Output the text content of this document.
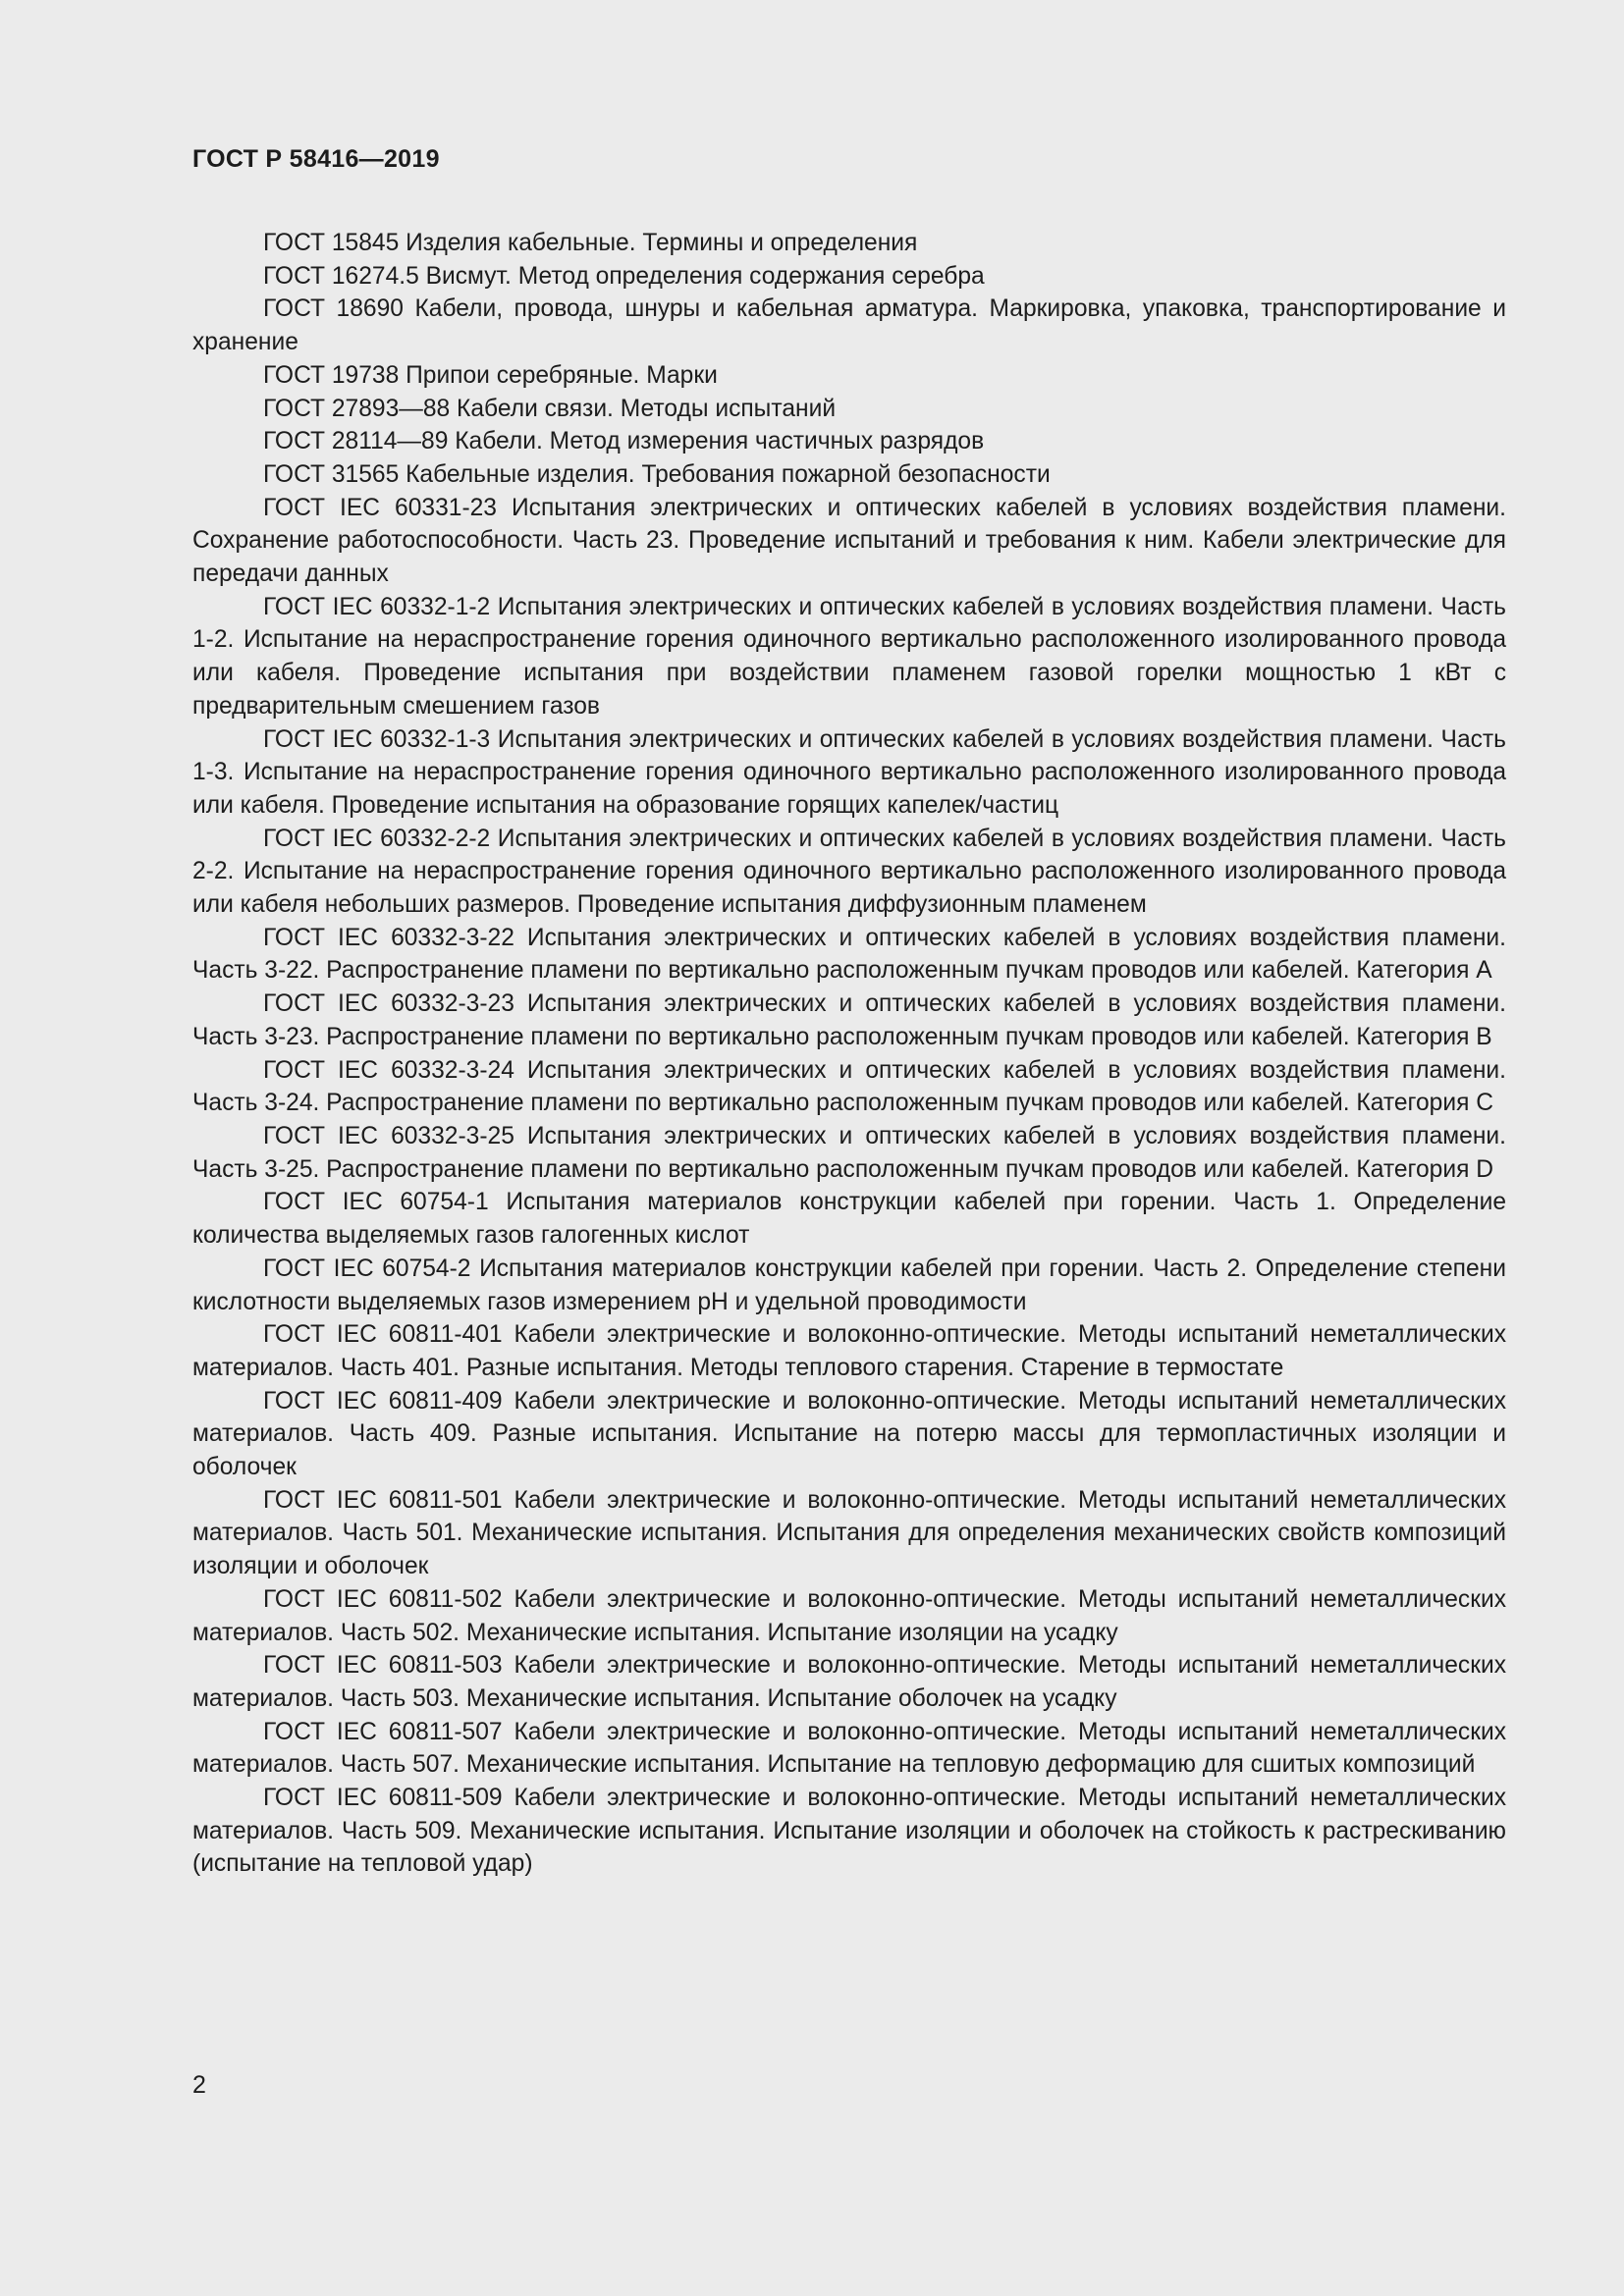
ГОСТ Р 58416—2019

ГОСТ 15845 Изделия кабельные. Термины и определения

ГОСТ 16274.5 Висмут. Метод определения содержания серебра

ГОСТ 18690 Кабели, провода, шнуры и кабельная арматура. Маркировка, упаковка, транспортирование и хранение

ГОСТ 19738 Припои серебряные. Марки

ГОСТ 27893—88 Кабели связи. Методы испытаний

ГОСТ 28114—89 Кабели. Метод измерения частичных разрядов

ГОСТ 31565 Кабельные изделия. Требования пожарной безопасности

ГОСТ IEC 60331-23 Испытания электрических и оптических кабелей в условиях воздействия пламени. Сохранение работоспособности. Часть 23. Проведение испытаний и требования к ним. Кабели электрические для передачи данных

ГОСТ IEC 60332-1-2 Испытания электрических и оптических кабелей в условиях воздействия пламени. Часть 1-2. Испытание на нераспространение горения одиночного вертикально расположенного изолированного провода или кабеля. Проведение испытания при воздействии пламенем газовой горелки мощностью 1 кВт с предварительным смешением газов

ГОСТ IEC 60332-1-3 Испытания электрических и оптических кабелей в условиях воздействия пламени. Часть 1-3. Испытание на нераспространение горения одиночного вертикально расположенного изолированного провода или кабеля. Проведение испытания на образование горящих капелек/частиц

ГОСТ IEC 60332-2-2 Испытания электрических и оптических кабелей в условиях воздействия пламени. Часть 2-2. Испытание на нераспространение горения одиночного вертикально расположенного изолированного провода или кабеля небольших размеров. Проведение испытания диффузионным пламенем

ГОСТ IEC 60332-3-22 Испытания электрических и оптических кабелей в условиях воздействия пламени. Часть 3-22. Распространение пламени по вертикально расположенным пучкам проводов или кабелей. Категория A

ГОСТ IEC 60332-3-23 Испытания электрических и оптических кабелей в условиях воздействия пламени. Часть 3-23. Распространение пламени по вертикально расположенным пучкам проводов или кабелей. Категория B

ГОСТ IEC 60332-3-24 Испытания электрических и оптических кабелей в условиях воздействия пламени. Часть 3-24. Распространение пламени по вертикально расположенным пучкам проводов или кабелей. Категория C

ГОСТ IEC 60332-3-25 Испытания электрических и оптических кабелей в условиях воздействия пламени. Часть 3-25. Распространение пламени по вертикально расположенным пучкам проводов или кабелей. Категория D

ГОСТ IEC 60754-1 Испытания материалов конструкции кабелей при горении. Часть 1. Определение количества выделяемых газов галогенных кислот

ГОСТ IEC 60754-2 Испытания материалов конструкции кабелей при горении. Часть 2. Определение степени кислотности выделяемых газов измерением pH и удельной проводимости

ГОСТ IEC 60811-401 Кабели электрические и волоконно-оптические. Методы испытаний неметаллических материалов. Часть 401. Разные испытания. Методы теплового старения. Старение в термостате

ГОСТ IEC 60811-409 Кабели электрические и волоконно-оптические. Методы испытаний неметаллических материалов. Часть 409. Разные испытания. Испытание на потерю массы для термопластичных изоляции и оболочек

ГОСТ IEC 60811-501 Кабели электрические и волоконно-оптические. Методы испытаний неметаллических материалов. Часть 501. Механические испытания. Испытания для определения механических свойств композиций изоляции и оболочек

ГОСТ IEC 60811-502 Кабели электрические и волоконно-оптические. Методы испытаний неметаллических материалов. Часть 502. Механические испытания. Испытание изоляции на усадку

ГОСТ IEC 60811-503 Кабели электрические и волоконно-оптические. Методы испытаний неметаллических материалов. Часть 503. Механические испытания. Испытание оболочек на усадку

ГОСТ IEC 60811-507 Кабели электрические и волоконно-оптические. Методы испытаний неметаллических материалов. Часть 507. Механические испытания. Испытание на тепловую деформацию для сшитых композиций

ГОСТ IEC 60811-509 Кабели электрические и волоконно-оптические. Методы испытаний неметаллических материалов. Часть 509. Механические испытания. Испытание изоляции и оболочек на стойкость к растрескиванию (испытание на тепловой удар)

2
